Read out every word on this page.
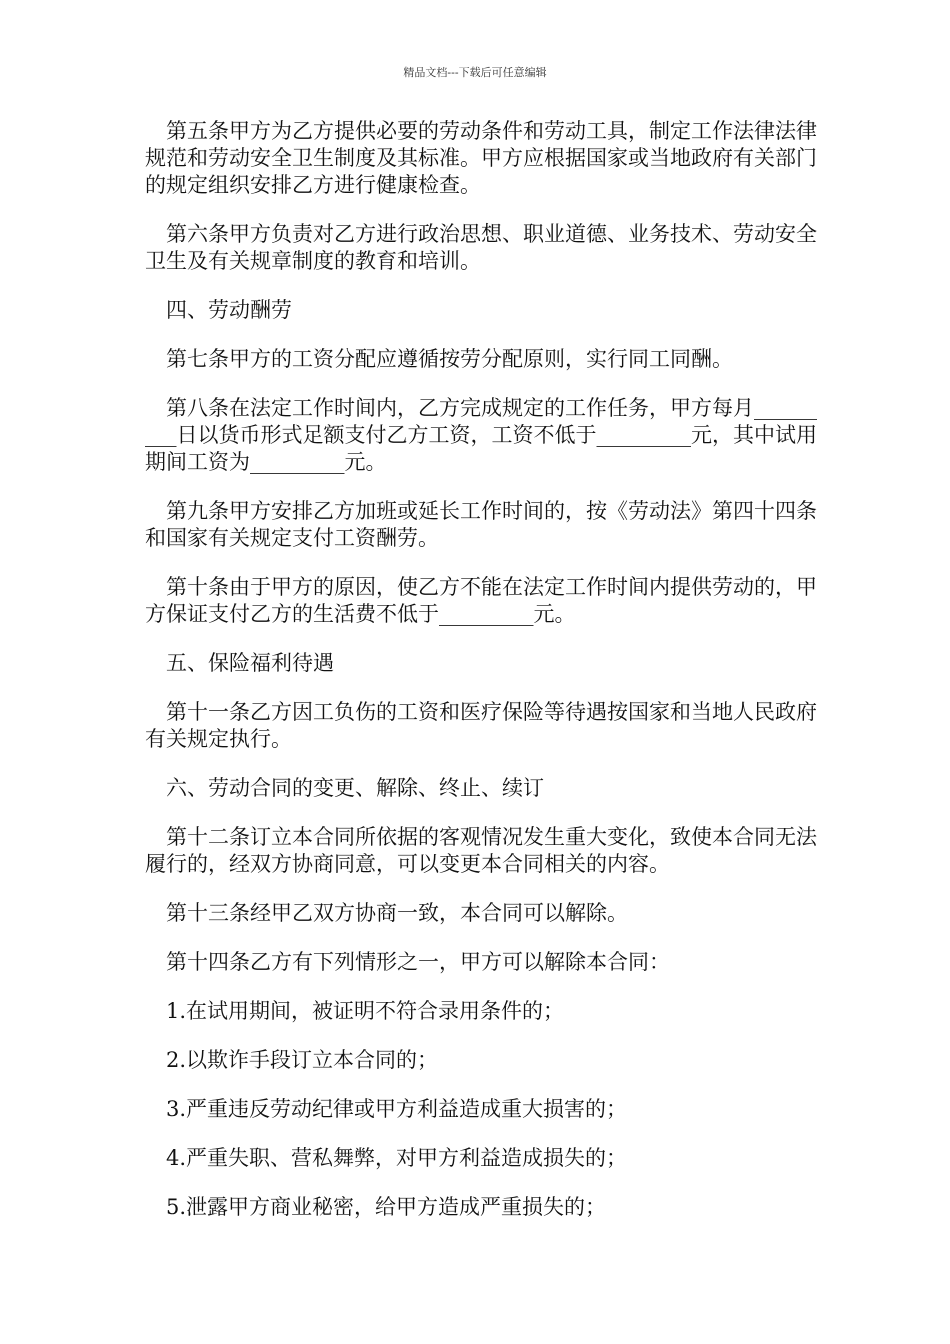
精品文档---下载后可任意编辑

第五条甲方为乙方提供必要的劳动条件和劳动工具，制定工作法律法律规范和劳动安全卫生制度及其标准。甲方应根据国家或当地政府有关部门的规定组织安排乙方进行健康检查。

第六条甲方负责对乙方进行政治思想、职业道德、业务技术、劳动安全卫生及有关规章制度的教育和培训。

四、劳动酬劳

第七条甲方的工资分配应遵循按劳分配原则，实行同工同酬。

第八条在法定工作时间内，乙方完成规定的工作任务，甲方每月_________日以货币形式足额支付乙方工资，工资不低于_________元，其中试用期间工资为_________元。

第九条甲方安排乙方加班或延长工作时间的，按《劳动法》第四十四条和国家有关规定支付工资酬劳。

第十条由于甲方的原因，使乙方不能在法定工作时间内提供劳动的，甲方保证支付乙方的生活费不低于_________元。

五、保险福利待遇

第十一条乙方因工负伤的工资和医疗保险等待遇按国家和当地人民政府有关规定执行。

六、劳动合同的变更、解除、终止、续订

第十二条订立本合同所依据的客观情况发生重大变化，致使本合同无法履行的，经双方协商同意，可以变更本合同相关的内容。

第十三条经甲乙双方协商一致，本合同可以解除。

第十四条乙方有下列情形之一，甲方可以解除本合同：

1.在试用期间，被证明不符合录用条件的；

2.以欺诈手段订立本合同的；

3.严重违反劳动纪律或甲方利益造成重大损害的；

4.严重失职、营私舞弊，对甲方利益造成损失的；

5.泄露甲方商业秘密，给甲方造成严重损失的；
